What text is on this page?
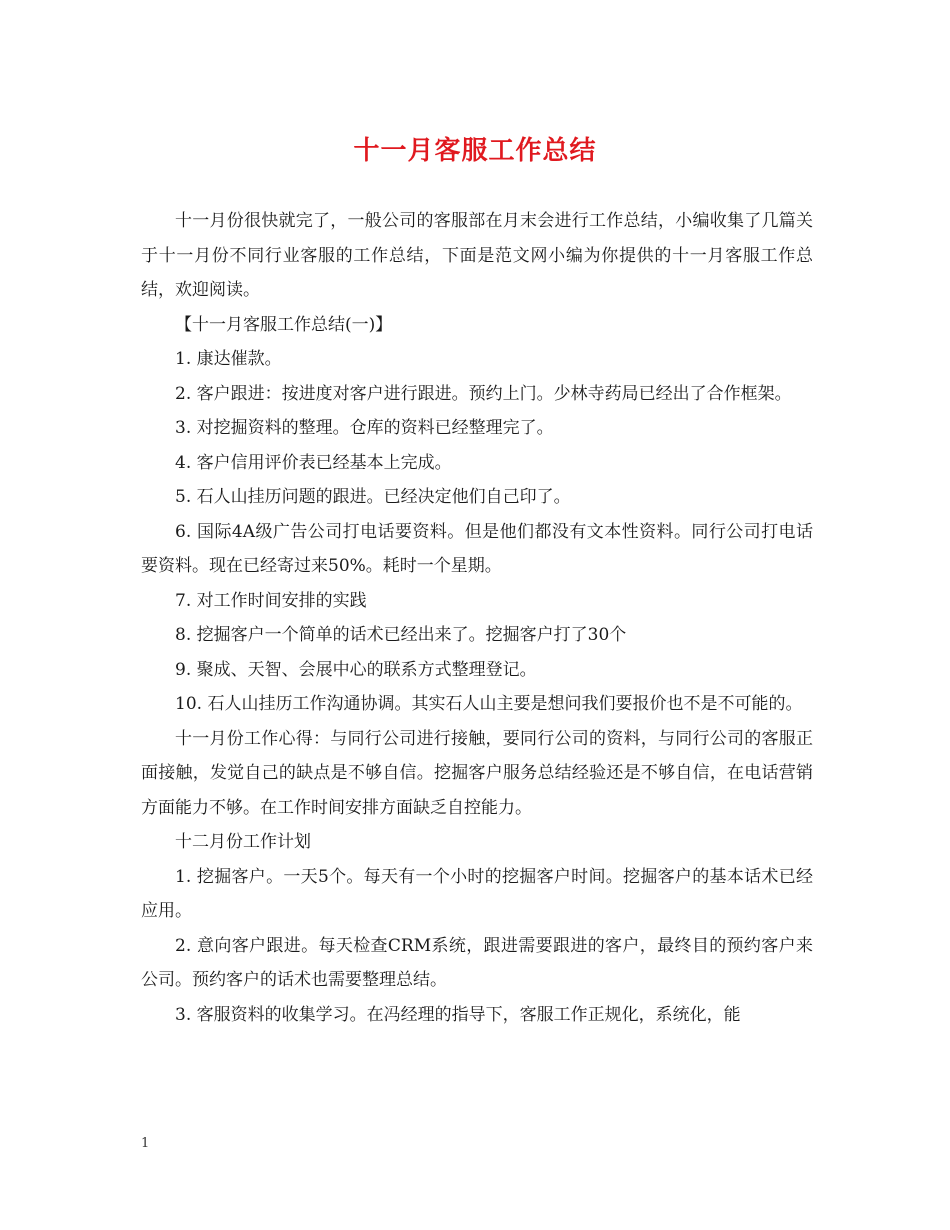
十一月客服工作总结

十一月份很快就完了，一般公司的客服部在月末会进行工作总结，小编收集了几篇关于十一月份不同行业客服的工作总结，下面是范文网小编为你提供的十一月客服工作总结，欢迎阅读。

【十一月客服工作总结(一)】

1. 康达催款。

2. 客户跟进：按进度对客户进行跟进。预约上门。少林寺药局已经出了合作框架。

3. 对挖掘资料的整理。仓库的资料已经整理完了。

4. 客户信用评价表已经基本上完成。

5. 石人山挂历问题的跟进。已经决定他们自己印了。

6. 国际4A级广告公司打电话要资料。但是他们都没有文本性资料。同行公司打电话要资料。现在已经寄过来50%。耗时一个星期。

7. 对工作时间安排的实践

8. 挖掘客户一个简单的话术已经出来了。挖掘客户打了30个

9. 聚成、天智、会展中心的联系方式整理登记。

10. 石人山挂历工作沟通协调。其实石人山主要是想问我们要报价也不是不可能的。

十一月份工作心得：与同行公司进行接触，要同行公司的资料，与同行公司的客服正面接触，发觉自己的缺点是不够自信。挖掘客户服务总结经验还是不够自信，在电话营销方面能力不够。在工作时间安排方面缺乏自控能力。

十二月份工作计划

1. 挖掘客户。一天5个。每天有一个小时的挖掘客户时间。挖掘客户的基本话术已经应用。

2. 意向客户跟进。每天检查CRM系统，跟进需要跟进的客户，最终目的预约客户来公司。预约客户的话术也需要整理总结。

3. 客服资料的收集学习。在冯经理的指导下，客服工作正规化，系统化，能

1
